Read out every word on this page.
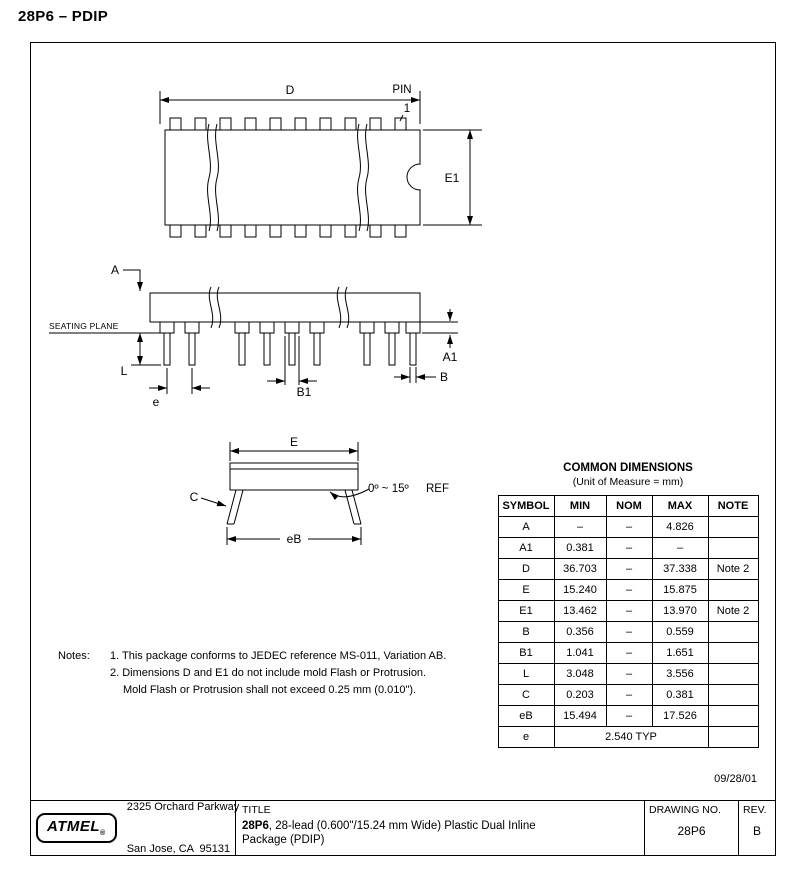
28P6 – PDIP
D	PIN
1
E1
A
SEATING PLANE
L
e
B1
B
A1
E
C
0º ~ 15º REF
eB
COMMON DIMENSIONS
(Unit of Measure = mm)
SYMBOL	MIN	NOM	MAX	NOTE
A	–	–	4.826	
A1	0.381	–	–	
D	36.703	–	37.338	Note 2
E	15.240	–	15.875	
E1	13.462	–	13.970	Note 2
B	0.356	–	0.559	
B1	1.041	–	1.651	
L	3.048	–	3.556	
C	0.203	–	0.381	
eB	15.494	–	17.526	
e	2.540 TYP			
Notes:	1. This package conforms to JEDEC reference MS-011, Variation AB.
2. Dimensions D and E1 do not include mold Flash or Protrusion.
Mold Flash or Protrusion shall not exceed 0.25 mm (0.010").
09/28/01
$ATMEL_®$

2325 Orchard Parkway

San Jose, CA  95131

TITLE
28P6, 28-lead (0.600"/15.24 mm Wide) Plastic Dual Inline Package (PDIP)
DRAWING NO.
28P6
REV.
B
